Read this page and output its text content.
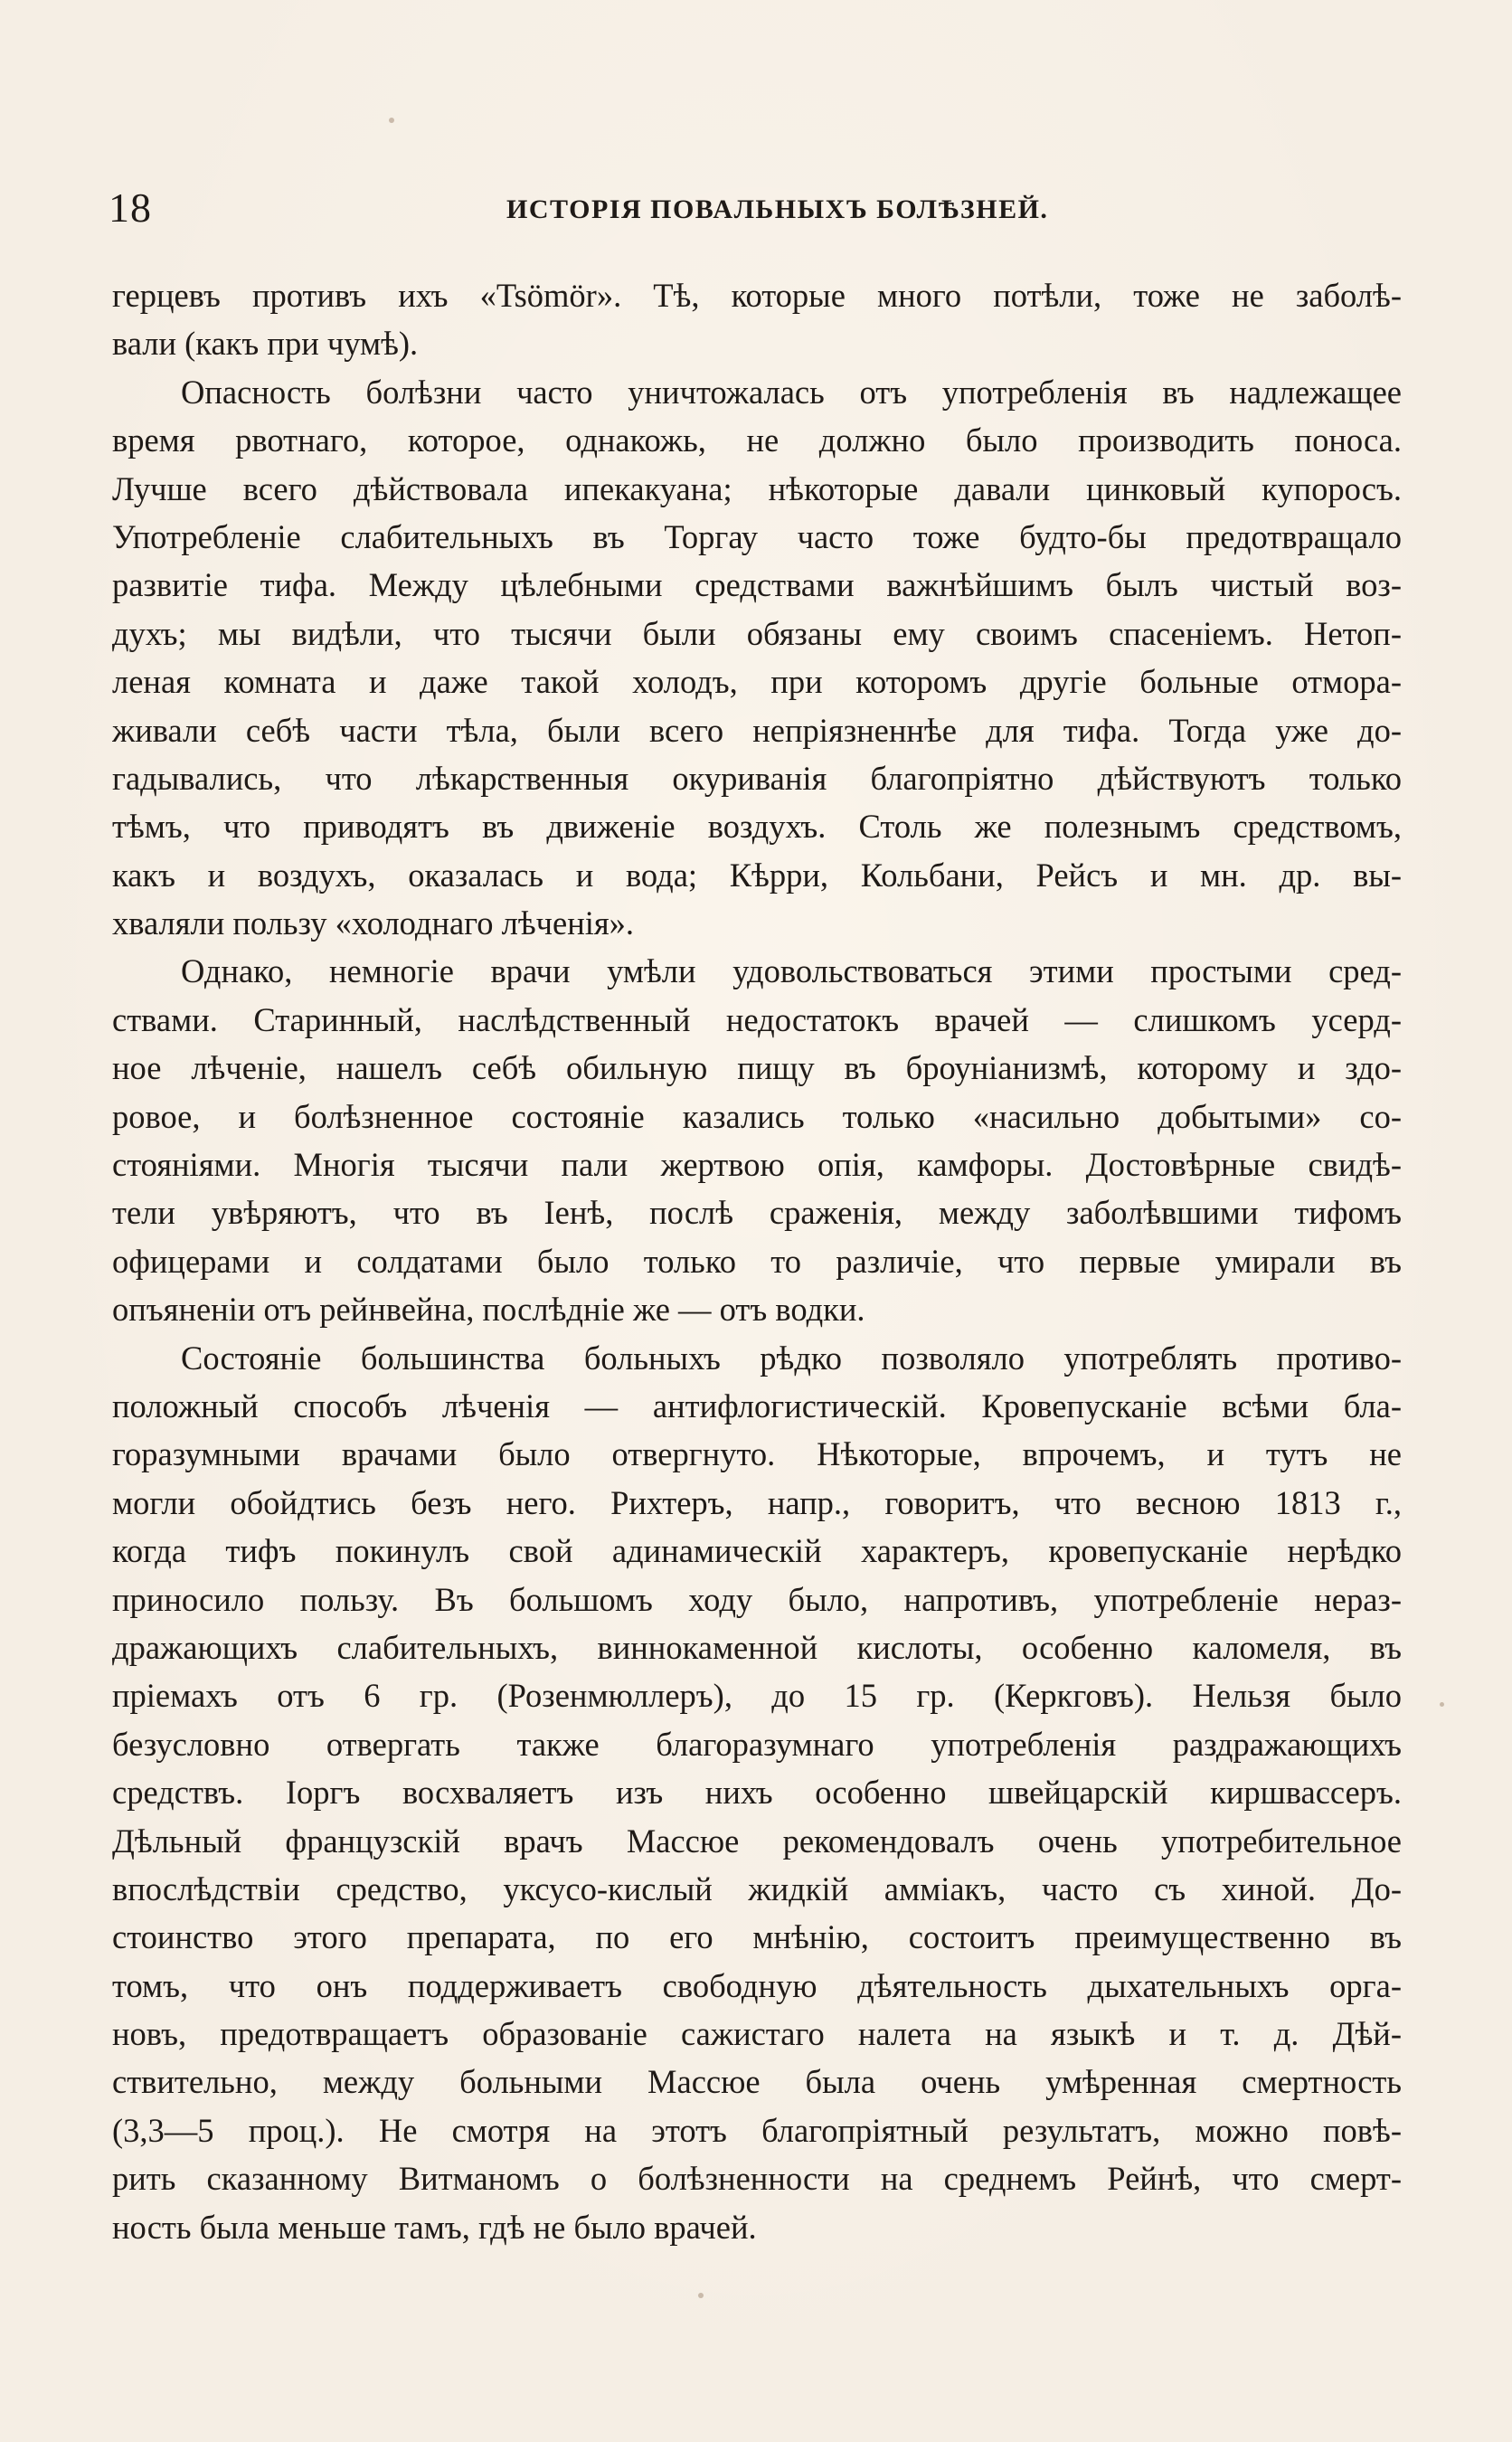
18	ИСТОРІЯ ПОВАЛЬНЫХЪ БОЛѢЗНЕЙ.
герцевъ противъ ихъ «Tsömör». Тѣ, которые много потѣли, тоже не заболѣ-
вали (какъ при чумѣ).
Опасность болѣзни часто уничтожалась отъ употребленія въ надлежащее
время рвотнаго, которое, однакожь, не должно было производить поноса.
Лучше всего дѣйствовала ипекакуана; нѣкоторые давали цинковый купоросъ.
Употребленіе слабительныхъ въ Торгау часто тоже будто-бы предотвращало
развитіе тифа. Между цѣлебными средствами важнѣйшимъ былъ чистый воз-
духъ; мы видѣли, что тысячи были обязаны ему своимъ спасеніемъ. Нетоп-
леная комната и даже такой холодъ, при которомъ другіе больные отмора-
живали себѣ части тѣла, были всего непріязненнѣе для тифа. Тогда уже до-
гадывались, что лѣкарственныя окуриванія благопріятно дѣйствуютъ только
тѣмъ, что приводятъ въ движеніе воздухъ. Столь же полезнымъ средствомъ,
какъ и воздухъ, оказалась и вода; Кѣрри, Кольбани, Рейсъ и мн. др. вы-
хваляли пользу «холоднаго лѣченія».
Однако, немногіе врачи умѣли удовольствоваться этими простыми сред-
ствами. Старинный, наслѣдственный недостатокъ врачей — слишкомъ усерд-
ное лѣченіе, нашелъ себѣ обильную пищу въ броуніанизмѣ, которому и здо-
ровое, и болѣзненное состояніе казались только «насильно добытыми» со-
стояніями. Многія тысячи пали жертвою опія, камфоры. Достовѣрные свидѣ-
тели увѣряютъ, что въ Іенѣ, послѣ сраженія, между заболѣвшими тифомъ
офицерами и солдатами было только то различіе, что первые умирали въ
опъяненіи отъ рейнвейна, послѣдніе же — отъ водки.
Состояніе большинства больныхъ рѣдко позволяло употреблять противо-
положный способъ лѣченія — антифлогистическій. Кровепусканіе всѣми бла-
горазумными врачами было отвергнуто. Нѣкоторые, впрочемъ, и тутъ не
могли обойдтись безъ него. Рихтеръ, напр., говоритъ, что весною 1813 г.,
когда тифъ покинулъ свой адинамическій характеръ, кровепусканіе нерѣдко
приносило пользу. Въ большомъ ходу было, напротивъ, употребленіе нераз-
дражающихъ слабительныхъ, виннокаменной кислоты, особенно каломеля, въ
пріемахъ отъ 6 гр. (Розенмюллеръ), до 15 гр. (Керкговъ). Нельзя было
безусловно отвергать также благоразумнаго употребленія раздражающихъ
средствъ. Іоргъ восхваляетъ изъ нихъ особенно швейцарскій киршвассеръ.
Дѣльный французскій врачъ Массюе рекомендовалъ очень употребительное
впослѣдствіи средство, уксусо-кислый жидкій аммiакъ, часто съ хиной. До-
стоинство этого препарата, по его мнѣнію, состоитъ преимущественно въ
томъ, что онъ поддерживаетъ свободную дѣятельность дыхательныхъ орга-
новъ, предотвращаетъ образованіе сажистаго налета на языкѣ и т. д. Дѣй-
ствительно, между больными Массюе была очень умѣренная смертность
(3,3—5 проц.). Не смотря на этотъ благопріятный результатъ, можно повѣ-
рить сказанному Витманомъ о болѣзненности на среднемъ Рейнѣ, что смерт-
ность была меньше тамъ, гдѣ не было врачей.
